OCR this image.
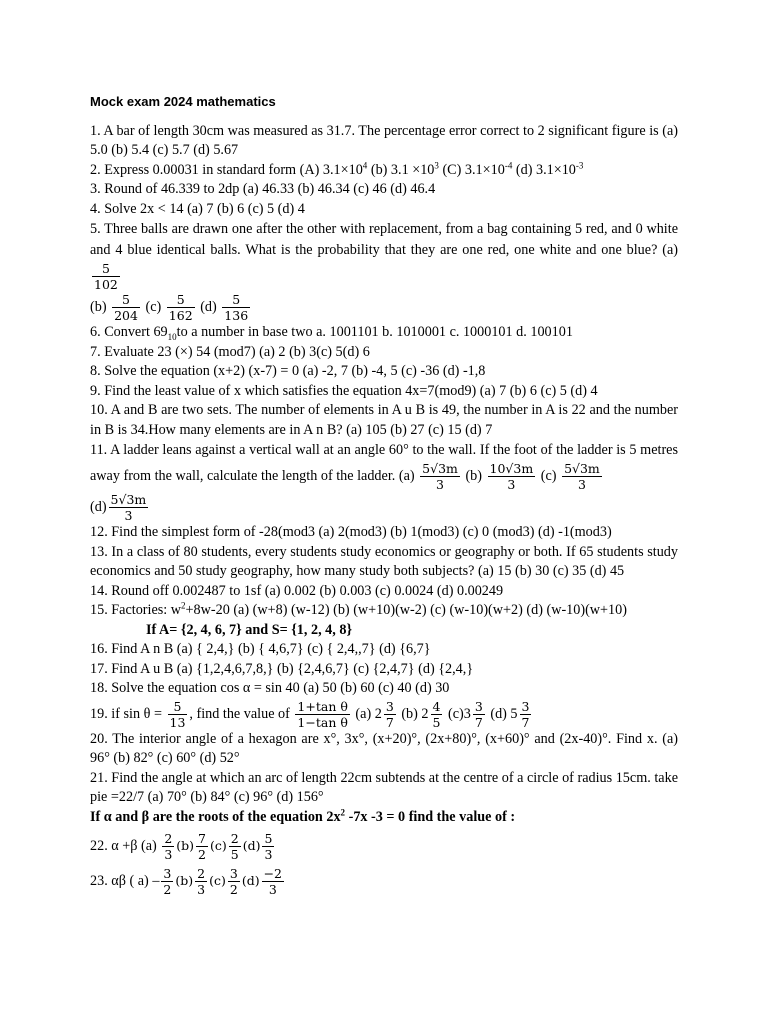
Mock exam 2024 mathematics

1. A bar of length 30cm was measured as 31.7. The percentage error correct to 2 significant figure is (a) 5.0 (b) 5.4 (c) 5.7 (d) 5.67

2. Express 0.00031 in standard form (A) $3.1\times 10^4$ (b) $3.1 \times 10^3$ (C) $3.1\times 10^{-4}$ (d) $3.1\times 10^{-3}$

3. Round of 46.339 to 2dp (a) 46.33 (b) 46.34 (c) 46 (d) 46.4

4. Solve 2x < 14 (a) 7 (b) 6 (c) 5 (d) 4

5. Three balls are drawn one after the other with replacement, from a bag containing 5 red, and 0 white and 4 blue identical balls. What is the probability that they are one red, one white and one blue? (a)
$\frac{5}{102}$

$(b) \frac{5}{204} (c) \frac{5}{162} (d) \frac{5}{136}$

6. Convert $69_{10}to$ a number in base two a. 1001101 b. 1010001 c. 1000101 d. 100101

7. Evaluate 23 (×) 54 (mod7) (a) 2 (b) 3(c) 5(d) 6

8. Solve the equation (x+2) (x-7) = 0 (a) -2, 7 (b) -4, 5 (c) -36 (d) -1,8

9. Find the least value of x which satisfies the equation 4x=7(mod9) (a) 7 (b) 6 (c) 5 (d) 4

10. A and B are two sets. The number of elements in A u B is 49, the number in A is 22 and the number in B is 34.How many elements are in A n B? (a) 105 (b) 27 (c) 15 (d) 7

11. A ladder leans against a vertical wall at an angle 60° to the wall. If the foot of the ladder is 5 metres away from the wall, calculate the length of the ladder. $(a) \frac{5√3m}{3} (b) \frac{10√3m}{3} (c) \frac{5√3m}{3}$

$(d) \frac{5√3m}{3}$

12. Find the simplest form of -28(mod3 (a) 2(mod3) (b) 1(mod3) (c) 0 (mod3) (d) -1(mod3)

13. In a class of 80 students, every students study economics or geography or both. If 65 students study economics and 50 study geography, how many study both subjects? (a) 15 (b) 30 (c) 35 (d) 45

14. Round off 0.002487 to 1sf (a) 0.002 (b) 0.003 (c) 0.0024 (d) 0.00249

15. Factories: $w^2+8w-20$ (a) (w+8) (w-12) (b) (w+10)(w-2) (c) (w-10)(w+2) (d) (w-10)(w+10)

If A= {2, 4, 6, 7} and S= {1, 2, 4, 8}

16. Find A n B (a) { 2,4,} (b) { 4,6,7} (c) { 2,4,,7} (d) {6,7}

17. Find A u B (a) {1,2,4,6,7,8,} (b) {2,4,6,7} (c) {2,4,7} (d) {2,4,}

18. Solve the equation cos α = sin 40 (a) 50 (b) 60 (c) 40 (d) 30

19. if $\sin \theta = \frac{5}{13}$ , find the value of $\frac{\text{1+tan θ}}{\text{1−tan θ}} (a)$ $2 \frac{3}{7} (b)$ $2 \frac{4}{5} (c)3 \frac{3}{7} (d)$ $5 \frac{3}{7}$

20. The interior angle of a hexagon are x°, 3x°, (x+20)°, (2x+80)°, (x+60)° and (2x-40)°. Find x. (a) 96° (b) 82° (c) 60° (d) 52°

21. Find the angle at which an arc of length 22cm subtends at the centre of a circle of radius 15cm. take pie =22/7 (a) 70° (b) 84° (c) 96° (d) 156°

If α and β are the roots of the equation $2x^2$ -7x -3 = 0 find the value of :

22. α +β $(a) \frac{2}{3} (b) \frac{7}{2} (c) \frac{2}{5} (d) \frac{5}{3}$

23. αβ ( $a) - \frac{3}{2} (b) \frac{2}{3} (c) \frac{3}{2} (d) \frac{-2}{3}$
